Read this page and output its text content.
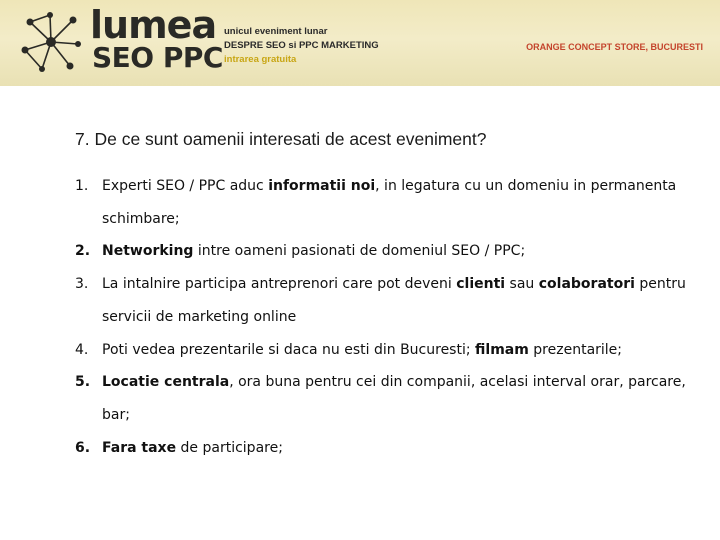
lumea
SEO PPC
unicul eveniment lunar
DESPRE SEO si PPC MARKETING
intrarea gratuita
ORANGE CONCEPT STORE, BUCURESTI
7. De ce sunt oamenii interesati de acest eveniment?
1. Experti SEO / PPC aduc informatii noi, in legatura cu un domeniu in permanenta schimbare;
2. Networking intre oameni pasionati de domeniul SEO / PPC;
3. La intalnire participa antreprenori care pot deveni clienti sau colaboratori pentru servicii de marketing online
4. Poti vedea prezentarile si daca nu esti din Bucuresti; filmam prezentarile;
5. Locatie centrala, ora buna pentru cei din companii, acelasi interval orar, parcare, bar;
6. Fara taxe de participare;
